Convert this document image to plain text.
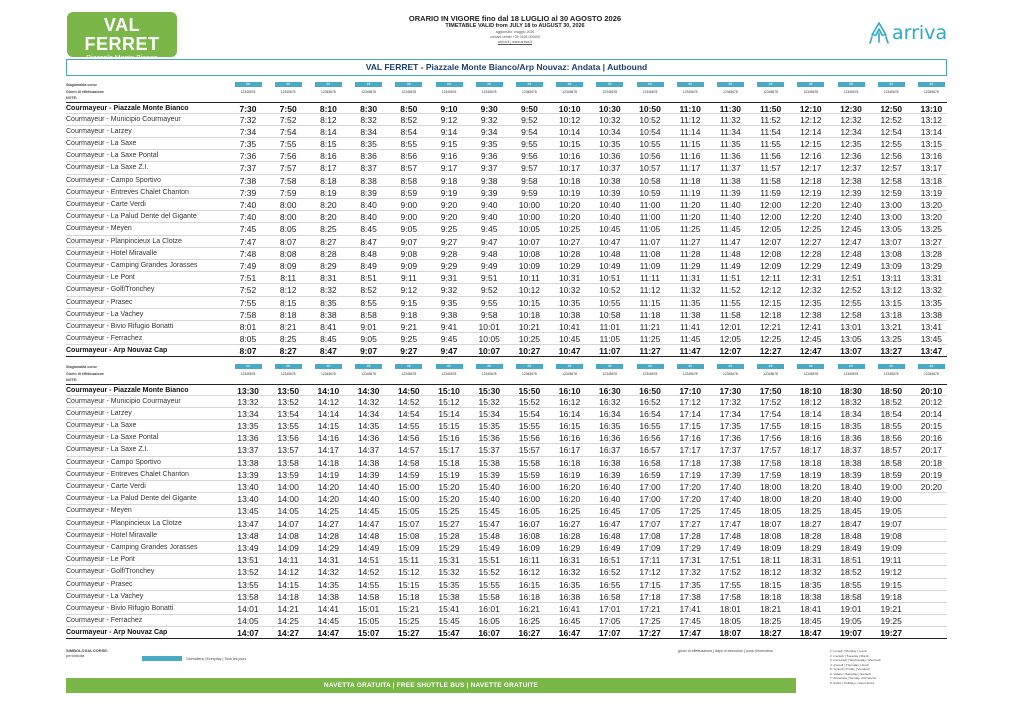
VAL FERRET
Piazzale Monte Bianco
Arp Nouvaz
ORARIO IN VIGORE fino dal 18 LUGLIO al 30 AGOSTO 2026
TIMETABLE VALID from JULY 18 to AUGUST 30, 2026
aggiornato: maggio 2026
contact center +39 0165 000000
arriva.it | www.arriva.it	arriva
VAL FERRET - Piazzale Monte Bianco/Arp Nouvaz: Andata | Autbound
Stagionalità corse	##	##	##	##	##	##	##	##	##	##	##	##	##	##	##	##	##	##
Giorni di effettuazione	12345678	12345678	12345678	12345678	12345678	12345678	12345678	12345678	12345678	12345678	12345678	12345678	12345678	12345678	12345678	12345678	12345678	12345678
NOTE:
Courmayeur - Piazzale Monte Bianco	7:30	7:50	8:10	8:30	8:50	9:10	9:30	9:50	10:10	10:30	10:50	11:10	11:30	11:50	12:10	12:30	12:50	13:10
Courmayeur - Municipio Courmayeur	7:32	7:52	8:12	8:32	8:52	9:12	9:32	9:52	10:12	10:32	10:52	11:12	11:32	11:52	12:12	12:32	12:52	13:12
Courmayeur - Larzey	7:34	7:54	8:14	8:34	8:54	9:14	9:34	9:54	10:14	10:34	10:54	11:14	11:34	11:54	12:14	12:34	12:54	13:14
Courmayeur - La Saxe	7:35	7:55	8:15	8:35	8:55	9:15	9:35	9:55	10:15	10:35	10:55	11:15	11:35	11:55	12:15	12:35	12:55	13:15
Courmayeur - La Saxe Pontal	7:36	7:56	8:16	8:36	8:56	9:16	9:36	9:56	10:16	10:36	10:56	11:16	11:36	11:56	12:16	12:36	12:56	13:16
Courmayeur - La Saxe Z.I.	7:37	7:57	8:17	8:37	8:57	9:17	9:37	9:57	10:17	10:37	10:57	11:17	11:37	11:57	12:17	12:37	12:57	13:17
Courmayeur - Campo Sportivo	7:38	7:58	8:18	8:38	8:58	9:18	9:38	9:58	10:18	10:38	10:58	11:18	11:38	11:58	12:18	12:38	12:58	13:18
Courmayeur - Entreves Chalet Chanton	7:39	7:59	8:19	8:39	8:59	9:19	9:39	9:59	10:19	10:39	10:59	11:19	11:39	11:59	12:19	12:39	12:59	13:19
Courmayeur - Carte Verdi	7:40	8:00	8:20	8:40	9:00	9:20	9:40	10:00	10:20	10:40	11:00	11:20	11:40	12:00	12:20	12:40	13:00	13:20
Courmayeur - La Palud Dente del Gigante	7:40	8:00	8:20	8:40	9:00	9:20	9:40	10:00	10:20	10:40	11:00	11:20	11:40	12:00	12:20	12:40	13:00	13:20
Courmayeur - Meyen	7:45	8:05	8:25	8:45	9:05	9:25	9:45	10:05	10:25	10:45	11:05	11:25	11:45	12:05	12:25	12:45	13:05	13:25
Courmayeur - Planpincieux La Clotze	7:47	8:07	8:27	8:47	9:07	9:27	9:47	10:07	10:27	10:47	11:07	11:27	11:47	12:07	12:27	12:47	13:07	13:27
Courmayeur - Hotel Miravalle	7:48	8:08	8:28	8:48	9:08	9:28	9:48	10:08	10:28	10:48	11:08	11:28	11:48	12:08	12:28	12:48	13:08	13:28
Courmayeur - Camping Grandes Jorasses	7:49	8:09	8:29	8:49	9:09	9:29	9:49	10:09	10:29	10:49	11:09	11:29	11:49	12:09	12:29	12:49	13:09	13:29
Courmayeur - Le Pont	7:51	8:11	8:31	8:51	9:11	9:31	9:51	10:11	10:31	10:51	11:11	11:31	11:51	12:11	12:31	12:51	13:11	13:31
Courmayeur - Golf/Tronchey	7:52	8:12	8:32	8:52	9:12	9:32	9:52	10:12	10:32	10:52	11:12	11:32	11:52	12:12	12:32	12:52	13:12	13:32
Courmayeur - Prasec	7:55	8:15	8:35	8:55	9:15	9:35	9:55	10:15	10:35	10:55	11:15	11:35	11:55	12:15	12:35	12:55	13:15	13:35
Courmayeur - La Vachey	7:58	8:18	8:38	8:58	9:18	9:38	9:58	10:18	10:38	10:58	11:18	11:38	11:58	12:18	12:38	12:58	13:18	13:38
Courmayeur - Bivio Rifugio Bonatti	8:01	8:21	8:41	9:01	9:21	9:41	10:01	10:21	10:41	11:01	11:21	11:41	12:01	12:21	12:41	13:01	13:21	13:41
Courmayeur - Ferrachez	8:05	8:25	8:45	9:05	9:25	9:45	10:05	10:25	10:45	11:05	11:25	11:45	12:05	12:25	12:45	13:05	13:25	13:45
Courmayeur - Arp Nouvaz Cap	8:07	8:27	8:47	9:07	9:27	9:47	10:07	10:27	10:47	11:07	11:27	11:47	12:07	12:27	12:47	13:07	13:27	13:47
Stagionalità corse	##	##	##	##	##	##	##	##	##	##	##	##	##	##	##	##	##	##
Giorni di effettuazione	12345678	12345678	12345678	12345678	12345678	12345678	12345678	12345678	12345678	12345678	12345678	12345678	12345678	12345678	12345678	12345678	12345678	12345678
NOTE:
Courmayeur - Piazzale Monte Bianco	13:30	13:50	14:10	14:30	14:50	15:10	15:30	15:50	16:10	16:30	16:50	17:10	17:30	17:50	18:10	18:30	18:50	20:10
Courmayeur - Municipio Courmayeur	13:32	13:52	14:12	14:32	14:52	15:12	15:32	15:52	16:12	16:32	16:52	17:12	17:32	17:52	18:12	18:32	18:52	20:12
Courmayeur - Larzey	13:34	13:54	14:14	14:34	14:54	15:14	15:34	15:54	16:14	16:34	16:54	17:14	17:34	17:54	18:14	18:34	18:54	20:14
Courmayeur - La Saxe	13:35	13:55	14:15	14:35	14:55	15:15	15:35	15:55	16:15	16:35	16:55	17:15	17:35	17:55	18:15	18:35	18:55	20:15
Courmayeur - La Saxe Pontal	13:36	13:56	14:16	14:36	14:56	15:16	15:36	15:56	16:16	16:36	16:56	17:16	17:36	17:56	18:16	18:36	18:56	20:16
Courmayeur - La Saxe Z.I.	13:37	13:57	14:17	14:37	14:57	15:17	15:37	15:57	16:17	16:37	16:57	17:17	17:37	17:57	18:17	18:37	18:57	20:17
Courmayeur - Campo Sportivo	13:38	13:58	14:18	14:38	14:58	15:18	15:38	15:58	16:18	16:38	16:58	17:18	17:38	17:58	18:18	18:38	18:58	20:18
Courmayeur - Entreves Chalet Chanton	13:39	13:59	14:19	14:39	14:59	15:19	15:39	15:59	16:19	16:39	16:59	17:19	17:39	17:59	18:19	18:39	18:59	20:19
Courmayeur - Carte Verdi	13:40	14:00	14:20	14:40	15:00	15:20	15:40	16:00	16:20	16:40	17:00	17:20	17:40	18:00	18:20	18:40	19:00	20:20
Courmayeur - La Palud Dente del Gigante	13:40	14:00	14:20	14:40	15:00	15:20	15:40	16:00	16:20	16:40	17:00	17:20	17:40	18:00	18:20	18:40	19:00
Courmayeur - Meyen	13:45	14:05	14:25	14:45	15:05	15:25	15:45	16:05	16:25	16:45	17:05	17:25	17:45	18:05	18:25	18:45	19:05
Courmayeur - Planpincieux La Clotze	13:47	14:07	14:27	14:47	15:07	15:27	15:47	16:07	16:27	16:47	17:07	17:27	17:47	18:07	18:27	18:47	19:07
Courmayeur - Hotel Miravalle	13:48	14:08	14:28	14:48	15:08	15:28	15:48	16:08	16:28	16:48	17:08	17:28	17:48	18:08	18:28	18:48	19:08
Courmayeur - Camping Grandes Jorasses	13:49	14:09	14:29	14:49	15:09	15:29	15:49	16:09	16:29	16:49	17:09	17:29	17:49	18:09	18:29	18:49	19:09
Courmayeur - Le Pont	13:51	14:11	14:31	14:51	15:11	15:31	15:51	16:11	16:31	16:51	17:11	17:31	17:51	18:11	18:31	18:51	19:11
Courmayeur - Golf/Tronchey	13:52	14:12	14:32	14:52	15:12	15:32	15:52	16:12	16:32	16:52	17:12	17:32	17:52	18:12	18:32	18:52	19:12
Courmayeur - Prasec	13:55	14:15	14:35	14:55	15:15	15:35	15:55	16:15	16:35	16:55	17:15	17:35	17:55	18:15	18:35	18:55	19:15
Courmayeur - La Vachey	13:58	14:18	14:38	14:58	15:18	15:38	15:58	16:18	16:38	16:58	17:18	17:38	17:58	18:18	18:38	18:58	19:18
Courmayeur - Bivio Rifugio Bonatti	14:01	14:21	14:41	15:01	15:21	15:41	16:01	16:21	16:41	17:01	17:21	17:41	18:01	18:21	18:41	19:01	19:21
Courmayeur - Ferrachez	14:05	14:25	14:45	15:05	15:25	15:45	16:05	16:25	16:45	17:05	17:25	17:45	18:05	18:25	18:45	19:05	19:25
Courmayeur - Arp Nouvaz Cap	14:07	14:27	14:47	15:07	15:27	15:47	16:07	16:27	16:47	17:07	17:27	17:47	18:07	18:27	18:47	19:07	19:27
SIMBOLOGIA CORSE:
periodicità
Giornaliera | Everyday | Tous les jours
giorni di effettuazione | days of execution | jours d'execution	1: Lunedì | Monday | Lundi
2: martedì | Tuesday | Mardi
3: mercoledì | Wednesday | Mercredi
4: giovedì | Thursday | Jeudi
5: venerdì | Friday | Vendredi
6: sabato | Saturday | Samedi
7: domenica | Sunday | Dimanche
8: festivi | Holidays | Jours fériés
NAVETTA GRATUITA | FREE SHUTTLE BUS | NAVETTE GRATUITE
